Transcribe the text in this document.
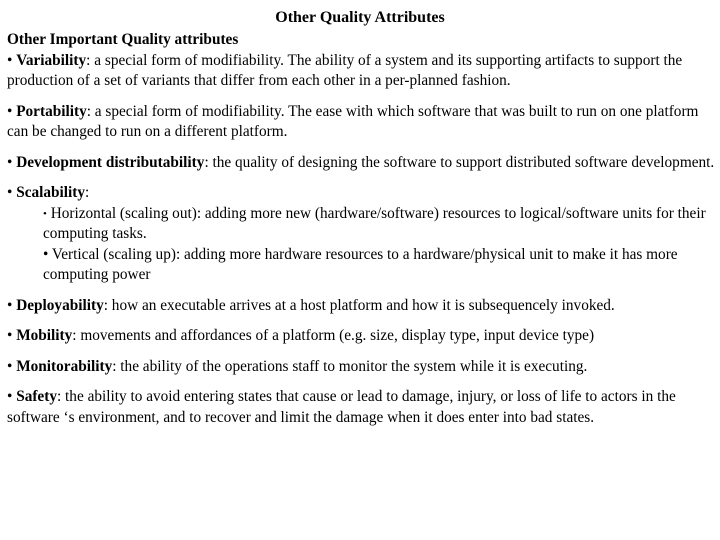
Other Quality Attributes

Other Important Quality attributes

• Variability: a special form of modifiability. The ability of a system and its supporting artifacts to support the production of a set of variants that differ from each other in a per-planned fashion.

• Portability: a special form of modifiability. The ease with which software that was built to run on one platform can be changed to run on a different platform.

• Development distributability: the quality of designing the software to support distributed software development.

• Scalability:

• Horizontal (scaling out): adding more new (hardware/software) resources to logical/software units for their computing tasks.

• Vertical (scaling up): adding more hardware resources to a hardware/physical unit to make it has more computing power

• Deployability: how an executable arrives at a host platform and how it is subsequencely invoked.

• Mobility: movements and affordances of a platform (e.g. size, display type, input device type)

• Monitorability: the ability of the operations staff to monitor the system while it is executing.

• Safety: the ability to avoid entering states that cause or lead to damage, injury, or loss of life to actors in the software ‘s environment, and to recover and limit the damage when it does enter into bad states.
